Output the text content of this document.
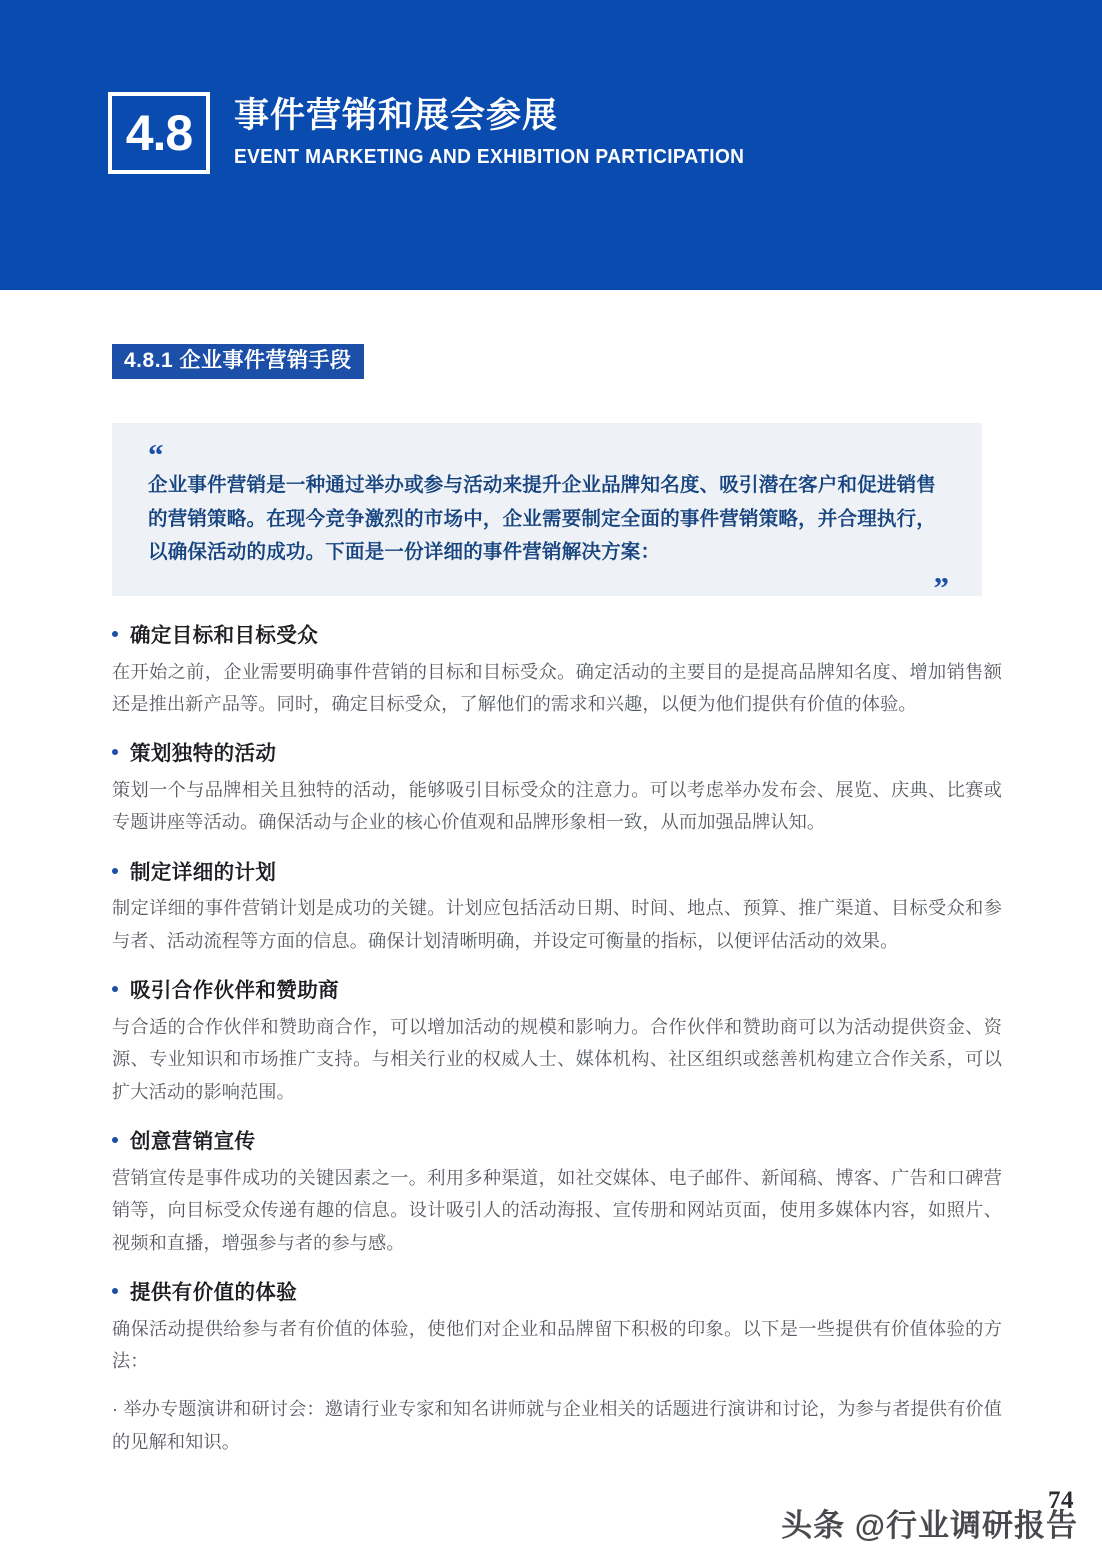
4.8 事件营销和展会参展
EVENT MARKETING AND EXHIBITION PARTICIPATION
4.8.1 企业事件营销手段
“
企业事件营销是一种通过举办或参与活动来提升企业品牌知名度、吸引潜在客户和促进销售的营销策略。在现今竞争激烈的市场中，企业需要制定全面的事件营销策略，并合理执行，以确保活动的成功。下面是一份详细的事件营销解决方案：
”
确定目标和目标受众
在开始之前，企业需要明确事件营销的目标和目标受众。确定活动的主要目的是提高品牌知名度、增加销售额还是推出新产品等。同时，确定目标受众，了解他们的需求和兴趣，以便为他们提供有价值的体验。
策划独特的活动
策划一个与品牌相关且独特的活动，能够吸引目标受众的注意力。可以考虑举办发布会、展览、庆典、比赛或专题讲座等活动。确保活动与企业的核心价值观和品牌形象相一致，从而加强品牌认知。
制定详细的计划
制定详细的事件营销计划是成功的关键。计划应包括活动日期、时间、地点、预算、推广渠道、目标受众和参与者、活动流程等方面的信息。确保计划清晰明确，并设定可衡量的指标，以便评估活动的效果。
吸引合作伙伴和赞助商
与合适的合作伙伴和赞助商合作，可以增加活动的规模和影响力。合作伙伴和赞助商可以为活动提供资金、资源、专业知识和市场推广支持。与相关行业的权威人士、媒体机构、社区组织或慈善机构建立合作关系，可以扩大活动的影响范围。
创意营销宣传
营销宣传是事件成功的关键因素之一。利用多种渠道，如社交媒体、电子邮件、新闻稿、博客、广告和口碑营销等，向目标受众传递有趣的信息。设计吸引人的活动海报、宣传册和网站页面，使用多媒体内容，如照片、视频和直播，增强参与者的参与感。
提供有价值的体验
确保活动提供给参与者有价值的体验，使他们对企业和品牌留下积极的印象。以下是一些提供有价值体验的方法：
· 举办专题演讲和研讨会：邀请行业专家和知名讲师就与企业相关的话题进行演讲和讨论，为参与者提供有价值的见解和知识。
74
头条 @行业调研报告
